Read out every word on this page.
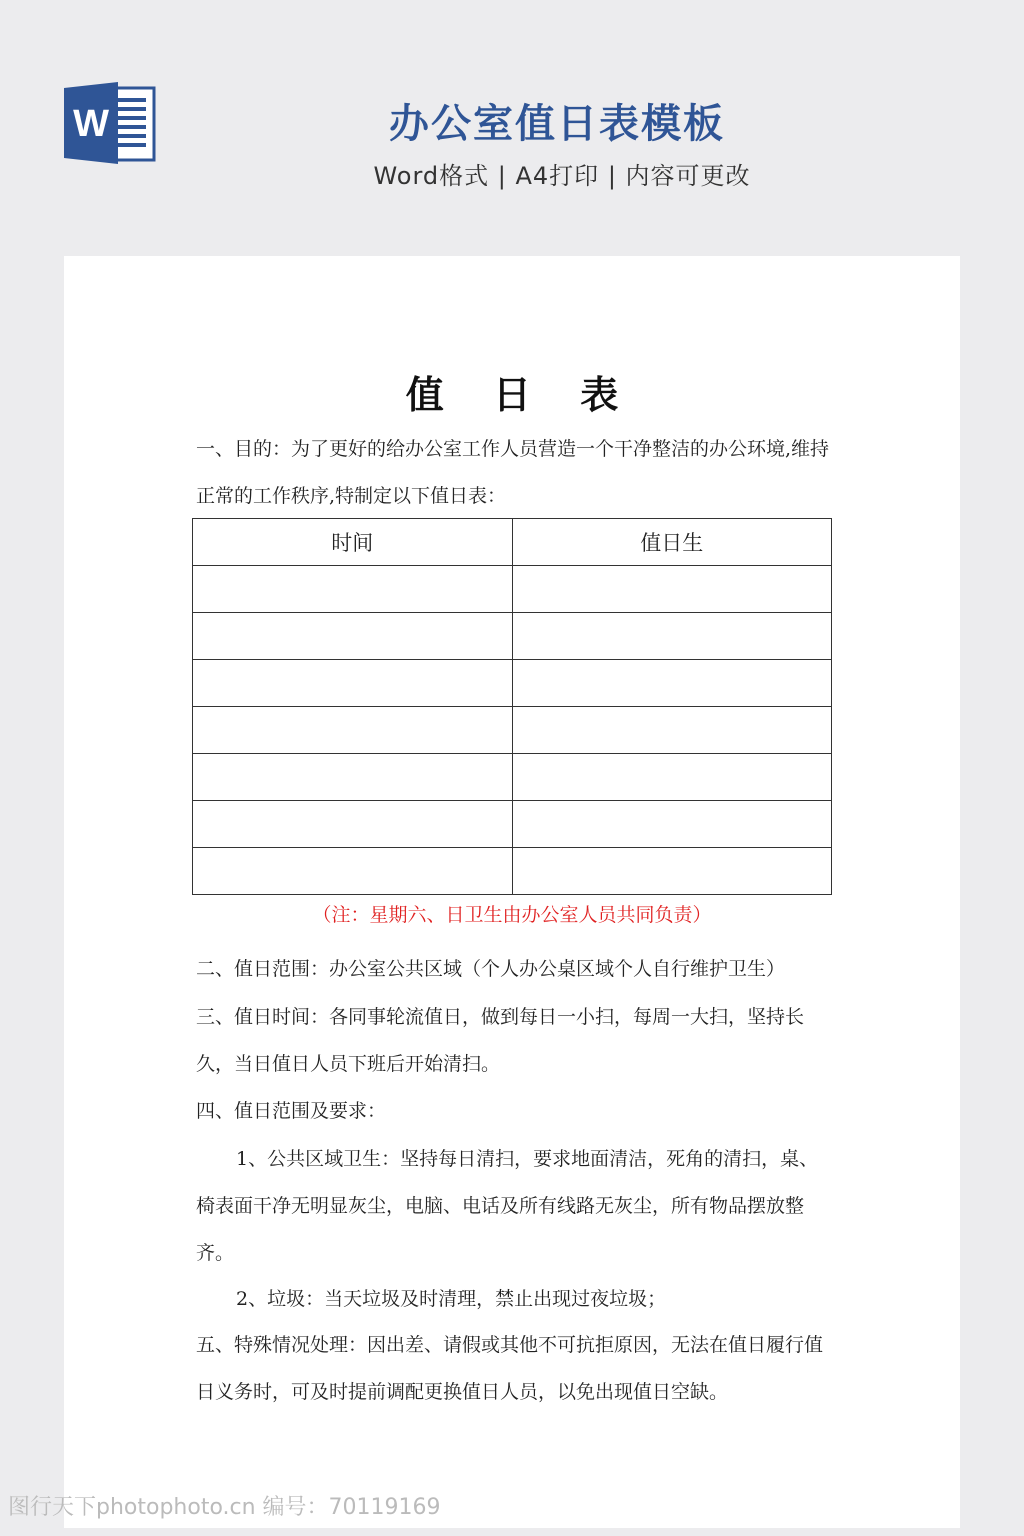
W	办公室值日表模板
Word格式 | A4打印 | 内容可更改
值 日 表

一、目的：为了更好的给办公室工作人员营造一个干净整洁的办公环境,维持正常的工作秩序,特制定以下值日表：

时间	值日生

（注：星期六、日卫生由办公室人员共同负责）

二、值日范围：办公室公共区域（个人办公桌区域个人自行维护卫生）

三、值日时间：各同事轮流值日，做到每日一小扫，每周一大扫，坚持长久，当日值日人员下班后开始清扫。

四、值日范围及要求：

1、公共区域卫生：坚持每日清扫，要求地面清洁，死角的清扫，桌、椅表面干净无明显灰尘，电脑、电话及所有线路无灰尘，所有物品摆放整齐。

2、垃圾：当天垃圾及时清理，禁止出现过夜垃圾；

五、特殊情况处理：因出差、请假或其他不可抗拒原因，无法在值日履行值日义务时，可及时提前调配更换值日人员，以免出现值日空缺。

图行天下photophoto.cn 编号：70119169
